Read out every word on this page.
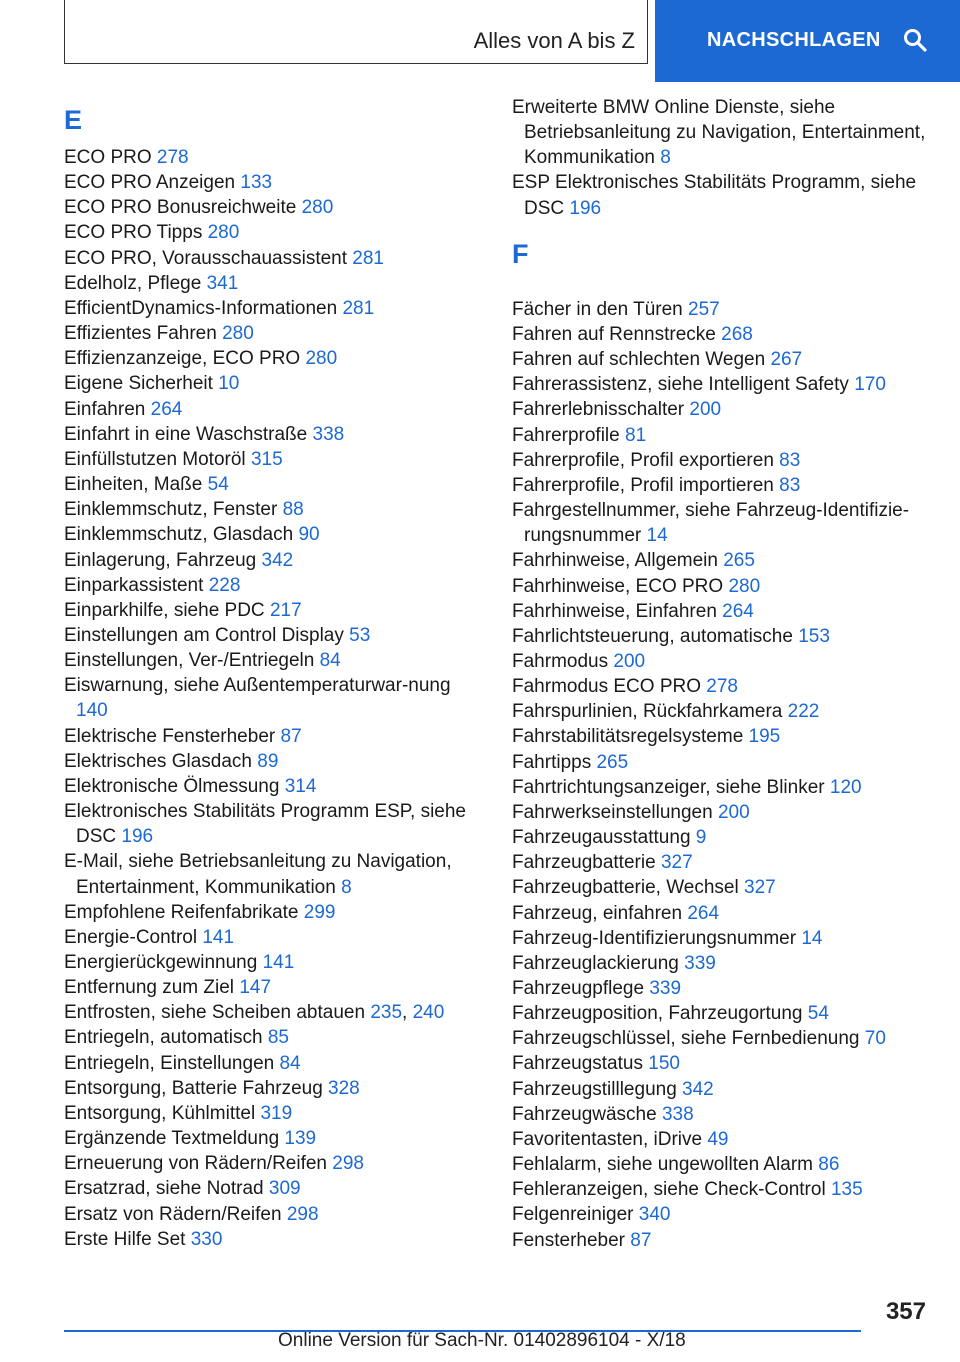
Alles von A bis Z	NACHSCHLAGEN
E
ECO PRO 278
ECO PRO Anzeigen 133
ECO PRO Bonusreichweite 280
ECO PRO Tipps 280
ECO PRO, Vorausschauassistent 281
Edelholz, Pflege 341
EfficientDynamics-Informationen 281
Effizientes Fahren 280
Effizienzanzeige, ECO PRO 280
Eigene Sicherheit 10
Einfahren 264
Einfahrt in eine Waschstraße 338
Einfüllstutzen Motoröl 315
Einheiten, Maße 54
Einklemmschutz, Fenster 88
Einklemmschutz, Glasdach 90
Einlagerung, Fahrzeug 342
Einparkassistent 228
Einparkhilfe, siehe PDC 217
Einstellungen am Control Display 53
Einstellungen, Ver-/Entriegeln 84
Eiswarnung, siehe Außentemperaturwar‐nung 140
Elektrische Fensterheber 87
Elektrisches Glasdach 89
Elektronische Ölmessung 314
Elektronisches Stabilitäts Programm ESP, siehe DSC 196
E-Mail, siehe Betriebsanleitung zu Navigation, Entertainment, Kommunikation 8
Empfohlene Reifenfabrikate 299
Energie-Control 141
Energierückgewinnung 141
Entfernung zum Ziel 147
Entfrosten, siehe Scheiben abtauen 235, 240
Entriegeln, automatisch 85
Entriegeln, Einstellungen 84
Entsorgung, Batterie Fahrzeug 328
Entsorgung, Kühlmittel 319
Ergänzende Textmeldung 139
Erneuerung von Rädern/Reifen 298
Ersatzrad, siehe Notrad 309
Ersatz von Rädern/Reifen 298
Erste Hilfe Set 330
Erweiterte BMW Online Dienste, siehe Betriebsanleitung zu Navigation, Entertainment, Kommunikation 8
ESP Elektronisches Stabilitäts Programm, siehe DSC 196
F
Fächer in den Türen 257
Fahren auf Rennstrecke 268
Fahren auf schlechten Wegen 267
Fahrerassistenz, siehe Intelligent Safety 170
Fahrerlebnisschalter 200
Fahrerprofile 81
Fahrerprofile, Profil exportieren 83
Fahrerprofile, Profil importieren 83
Fahrgestellnummer, siehe Fahrzeug-Identifizie‐rungsnummer 14
Fahrhinweise, Allgemein 265
Fahrhinweise, ECO PRO 280
Fahrhinweise, Einfahren 264
Fahrlichtsteuerung, automatische 153
Fahrmodus 200
Fahrmodus ECO PRO 278
Fahrspurlinien, Rückfahrkamera 222
Fahrstabilitätsregelsysteme 195
Fahrtipps 265
Fahrtrichtungsanzeiger, siehe Blinker 120
Fahrwerkseinstellungen 200
Fahrzeugausstattung 9
Fahrzeugbatterie 327
Fahrzeugbatterie, Wechsel 327
Fahrzeug, einfahren 264
Fahrzeug-Identifizierungsnummer 14
Fahrzeuglackierung 339
Fahrzeugpflege 339
Fahrzeugposition, Fahrzeugortung 54
Fahrzeugschlüssel, siehe Fernbedienung 70
Fahrzeugstatus 150
Fahrzeugstilllegung 342
Fahrzeugwäsche 338
Favoritentasten, iDrive 49
Fehlalarm, siehe ungewollten Alarm 86
Fehleranzeigen, siehe Check-Control 135
Felgenreiniger 340
Fensterheber 87
357
Online Version für Sach-Nr. 01402896104 - X/18
